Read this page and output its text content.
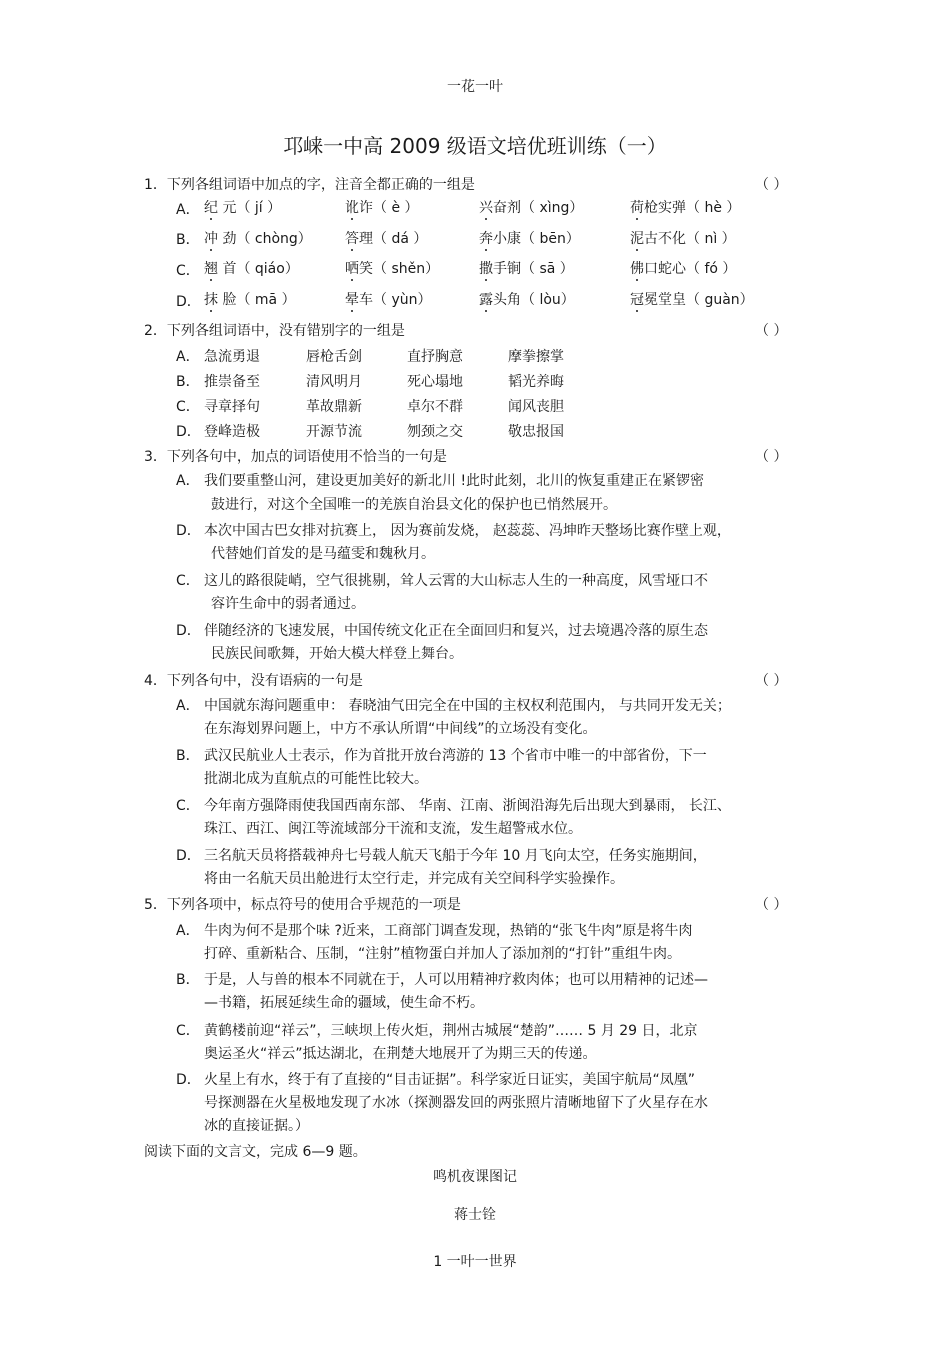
一花一叶
邛崃一中高 2009 级语文培优班训练（一）
1．下列各组词语中加点的字，注音全都正确的一组是	（ ）
A． 纪 元（ jí ）	讹诈（ è ）	兴奋剂（ xìng）	荷枪实弹（ hè ）
B． 冲 劲（ chòng） 答理（ dá ）	奔小康（ bēn）	泥古不化（ nì ）
C． 翘 首（ qiáo）	哂笑（ shěn）	撒手锏（ sā ）	佛口蛇心（ fó ）
D． 抹 脸（ mā ）	晕车（ yùn）	露头角（ lòu）	冠冕堂皇（ guàn）
2．下列各组词语中，没有错别字的一组是	（ ）
A． 急流勇退	唇枪舌剑	直抒胸意	摩拳擦掌
B． 推崇备至	清风明月	死心塌地	韬光养晦
C． 寻章择句	革故鼎新	卓尔不群	闻风丧胆
D． 登峰造极	开源节流	刎颈之交	敬忠报国
3．下列各句中，加点的词语使用不恰当的一句是	（ ）
A． 我们要重整山河，建设更加美好的新北川 !此时此刻，北川的恢复重建正在紧锣密
鼓进行，对这个全国唯一的羌族自治县文化的保护也已悄然展开。
D． 本次中国古巴女排对抗赛上， 因为赛前发烧， 赵蕊蕊、冯坤昨天整场比赛作壁上观，
代替她们首发的是马蕴雯和魏秋月。
C． 这儿的路很陡峭，空气很挑剔，耸人云霄的大山标志人生的一种高度，风雪垭口不
容许生命中的弱者通过。
D． 伴随经济的飞速发展，中国传统文化正在全面回归和复兴，过去境遇冷落的原生态
民族民间歌舞，开始大模大样登上舞台。
4．下列各句中，没有语病的一句是	（ ）
A． 中国就东海问题重申： 春晓油气田完全在中国的主权权利范围内， 与共同开发无关；
在东海划界问题上，中方不承认所谓“中间线”的立场没有变化。
B． 武汉民航业人士表示，作为首批开放台湾游的 13 个省市中唯一的中部省份，下一
批湖北成为直航点的可能性比较大。
C． 今年南方强降雨使我国西南东部、 华南、江南、浙闽沿海先后出现大到暴雨， 长江、
珠江、西江、闽江等流域部分干流和支流，发生超警戒水位。
D． 三名航天员将搭载神舟七号载人航天飞船于今年 10 月飞向太空，任务实施期间，
将由一名航天员出舱进行太空行走，并完成有关空间科学实验操作。
5．下列各项中，标点符号的使用合乎规范的一项是	（ ）
A． 牛肉为何不是那个味 ?近来，工商部门调查发现，热销的“张飞牛肉”原是将牛肉
打碎、重新粘合、压制，“注射”植物蛋白并加人了添加剂的“打针”重组牛肉。
B． 于是，人与兽的根本不同就在于，人可以用精神疗救肉体；也可以用精神的记述—
—书籍，拓展延续生命的疆域，使生命不朽。
C． 黄鹤楼前迎“祥云”，三峡坝上传火炬，荆州古城展“楚韵”…… 5 月 29 日，北京
奥运圣火“祥云”抵达湖北，在荆楚大地展开了为期三天的传递。
D． 火星上有水，终于有了直接的“目击证据”。科学家近日证实，美国宇航局“凤凰”
号探测器在火星极地发现了水冰（探测器发回的两张照片清晰地留下了火星存在水
冰的直接证据。）
阅读下面的文言文，完成 6—9 题。
鸣机夜课图记
蒋士铨
1 一叶一世界
